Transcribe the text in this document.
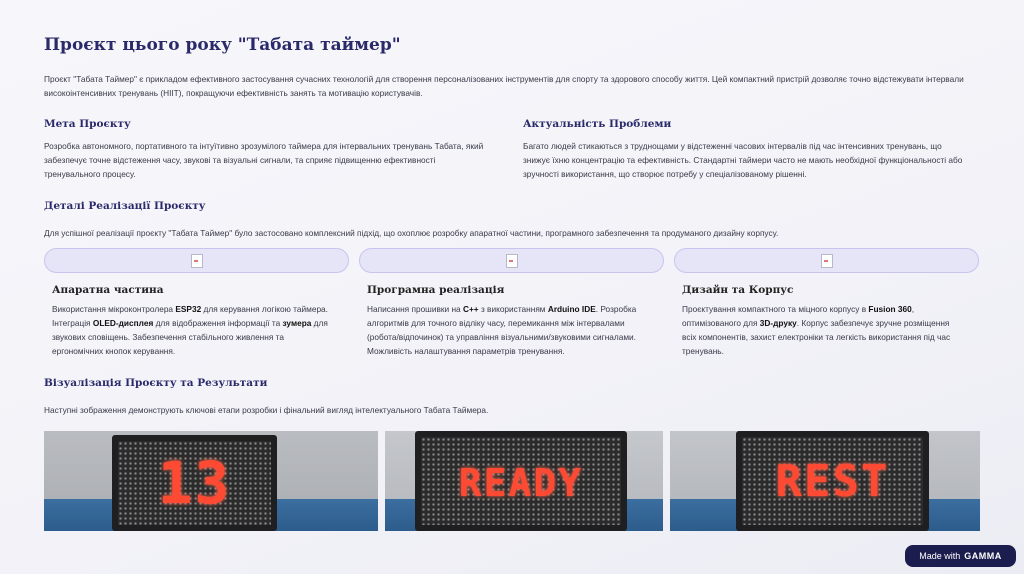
Проєкт цього року "Табата таймер"
Проєкт "Табата Таймер" є прикладом ефективного застосування сучасних технологій для створення персоналізованих інструментів для спорту та здорового способу життя. Цей компактний пристрій дозволяє точно відстежувати інтервали високоінтенсивних тренувань (HIIT), покращуючи ефективність занять та мотивацію користувачів.
Мета Проєкту
Розробка автономного, портативного та інтуїтивно зрозумілого таймера для інтервальних тренувань Табата, який забезпечує точне відстеження часу, звукові та візуальні сигнали, та сприяє підвищенню ефективності тренувального процесу.
Актуальність Проблеми
Багато людей стикаються з труднощами у відстеженні часових інтервалів під час інтенсивних тренувань, що знижує їхню концентрацію та ефективність. Стандартні таймери часто не мають необхідної функціональності або зручності використання, що створює потребу у спеціалізованому рішенні.
Деталі Реалізації Проєкту
Для успішної реалізації проєкту "Табата Таймер" було застосовано комплексний підхід, що охоплює розробку апаратної частини, програмного забезпечення та продуманого дизайну корпусу.
Апаратна частина
Використання мікроконтролера ESP32 для керування логікою таймера. Інтеграція OLED-дисплея для відображення інформації та зумера для звукових сповіщень. Забезпечення стабільного живлення та ергономічних кнопок керування.
Програмна реалізація
Написання прошивки на C++ з використанням Arduino IDE. Розробка алгоритмів для точного відліку часу, перемикання між інтервалами (робота/відпочинок) та управління візуальними/звуковими сигналами. Можливість налаштування параметрів тренування.
Дизайн та Корпус
Проєктування компактного та міцного корпусу в Fusion 360, оптимізованого для 3D-друку. Корпус забезпечує зручне розміщення всіх компонентів, захист електроніки та легкість використання під час тренувань.
Візуалізація Проєкту та Результати
Наступні зображення демонструють ключові етапи розробки і фінальний вигляд інтелектуального Табата Таймера.
13	READY	REST
Made with GAMMA
